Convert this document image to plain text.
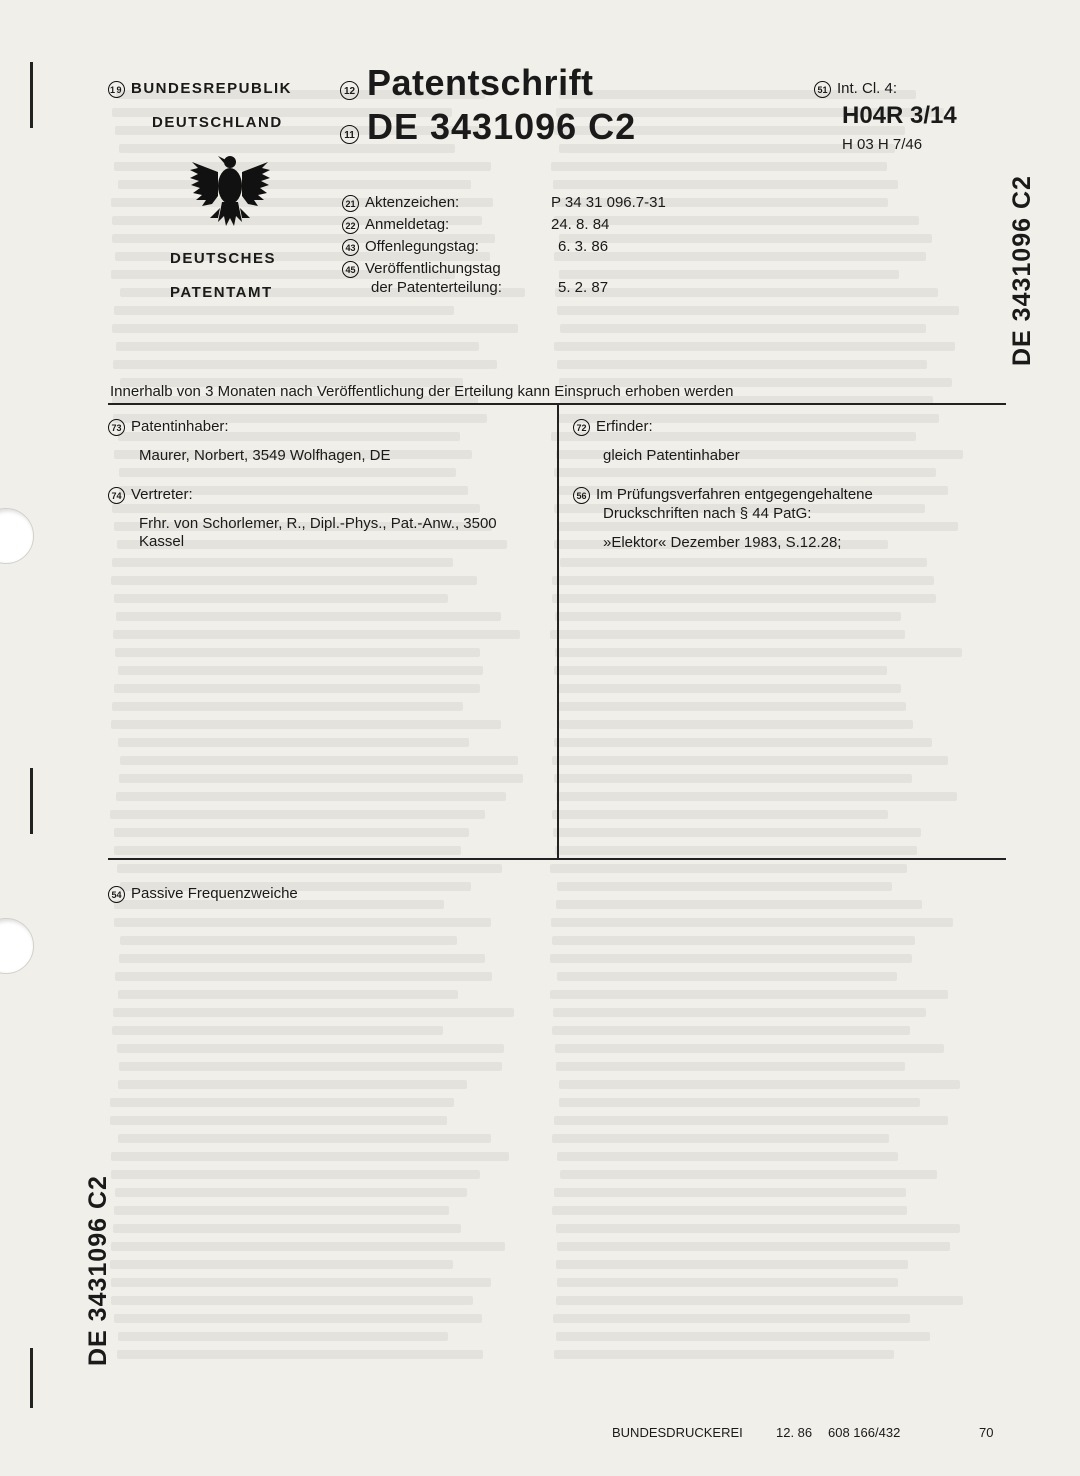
19 BUNDESREPUBLIK
DEUTSCHLAND
DEUTSCHES
PATENTAMT
12 Patentschrift
11 DE 3431096 C2
51 Int. Cl. 4:
H04R 3/14
H 03 H 7/46
21 Aktenzeichen:	P 34 31 096.7-31
22 Anmeldetag:	24. 8. 84
43 Offenlegungstag:	6. 3. 86
45 Veröffentlichungstag
der Patenterteilung:	5. 2. 87
Innerhalb von 3 Monaten nach Veröffentlichung der Erteilung kann Einspruch erhoben werden
73 Patentinhaber:
Maurer, Norbert, 3549 Wolfhagen, DE
74 Vertreter:
Frhr. von Schorlemer, R., Dipl.-Phys., Pat.-Anw., 3500
Kassel
72 Erfinder:
gleich Patentinhaber
56 Im Prüfungsverfahren entgegengehaltene
Druckschriften nach § 44 PatG:
»Elektor« Dezember 1983, S.12.28;
54 Passive Frequenzweiche
DE 3431096 C2
DE 3431096 C2
BUNDESDRUCKEREI	12. 86 608 166/432	70
